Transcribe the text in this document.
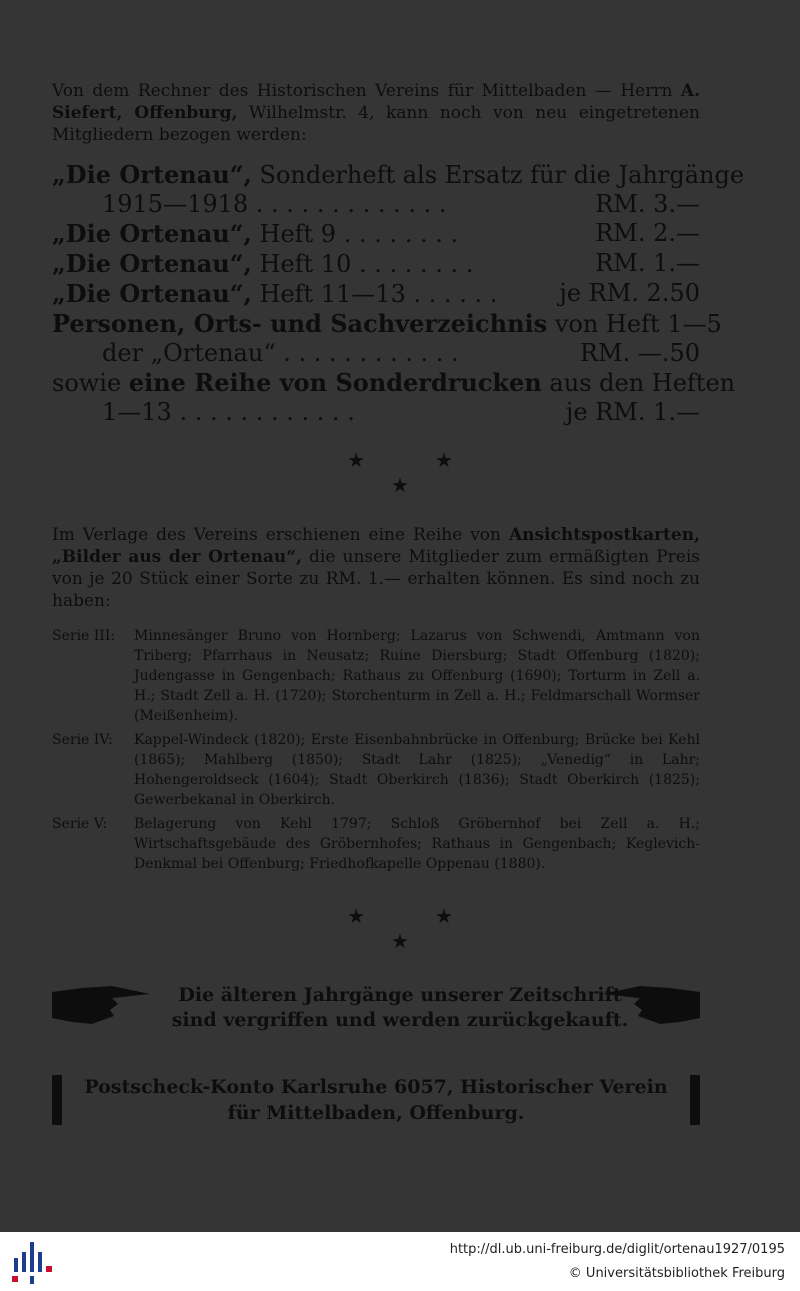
Von dem Rechner des Historischen Vereins für Mittelbaden — Herrn A. Siefert, Offenburg, Wilhelmstr. 4, kann noch von neu eingetretenen Mitgliedern bezogen werden:

„Die Ortenau“, Sonderheft als Ersatz für die Jahrgänge
1915—1918 . . . . . . . . . . . . .	RM. 3.—
„Die Ortenau“, Heft 9 . . . . . . . .	RM. 2.—
„Die Ortenau“, Heft 10 . . . . . . . .	RM. 1.—
„Die Ortenau“, Heft 11—13 . . . . . .	je RM. 2.50
Personen, Orts- und Sachverzeichnis von Heft 1—5
der „Ortenau“ . . . . . . . . . . . .	RM. —.50
sowie eine Reihe von Sonderdrucken aus den Heften
1—13 . . . . . . . . . . . .	je RM. 1.—
★           ★
★

Im Verlage des Vereins erschienen eine Reihe von Ansichtspostkarten, „Bilder aus der Ortenau“, die unsere Mitglieder zum ermäßigten Preis von je 20 Stück einer Sorte zu RM. 1.— erhalten können. Es sind noch zu haben:

Serie III:	Minnesänger Bruno von Hornberg; Lazarus von Schwendi, Amtmann von Triberg; Pfarrhaus in Neusatz; Ruine Diersburg; Stadt Offenburg (1820); Judengasse in Gengenbach; Rathaus zu Offenburg (1690); Torturm in Zell a. H.; Stadt Zell a. H. (1720); Storchenturm in Zell a. H.; Feldmarschall Wormser (Meißenheim).
Serie IV:	Kappel-Windeck (1820); Erste Eisenbahnbrücke in Offenburg; Brücke bei Kehl (1865); Mahlberg (1850); Stadt Lahr (1825); „Venedig“ in Lahr; Hohengeroldseck (1604); Stadt Oberkirch (1836); Stadt Oberkirch (1825); Gewerbekanal in Oberkirch.
Serie V:	Belagerung von Kehl 1797; Schloß Gröbernhof bei Zell a. H.; Wirtschaftsgebäude des Gröbernhofes; Rathaus in Gengenbach; Keglevich-Denkmal bei Offenburg; Friedhofkapelle Oppenau (1880).
★           ★
★
Die älteren Jahrgänge unserer Zeitschrift
sind vergriffen und werden zurückgekauft.
Postscheck-Konto Karlsruhe 6057, Historischer Verein für Mittelbaden, Offenburg.
http://dl.ub.uni-freiburg.de/diglit/ortenau1927/0195
© Universitätsbibliothek Freiburg
